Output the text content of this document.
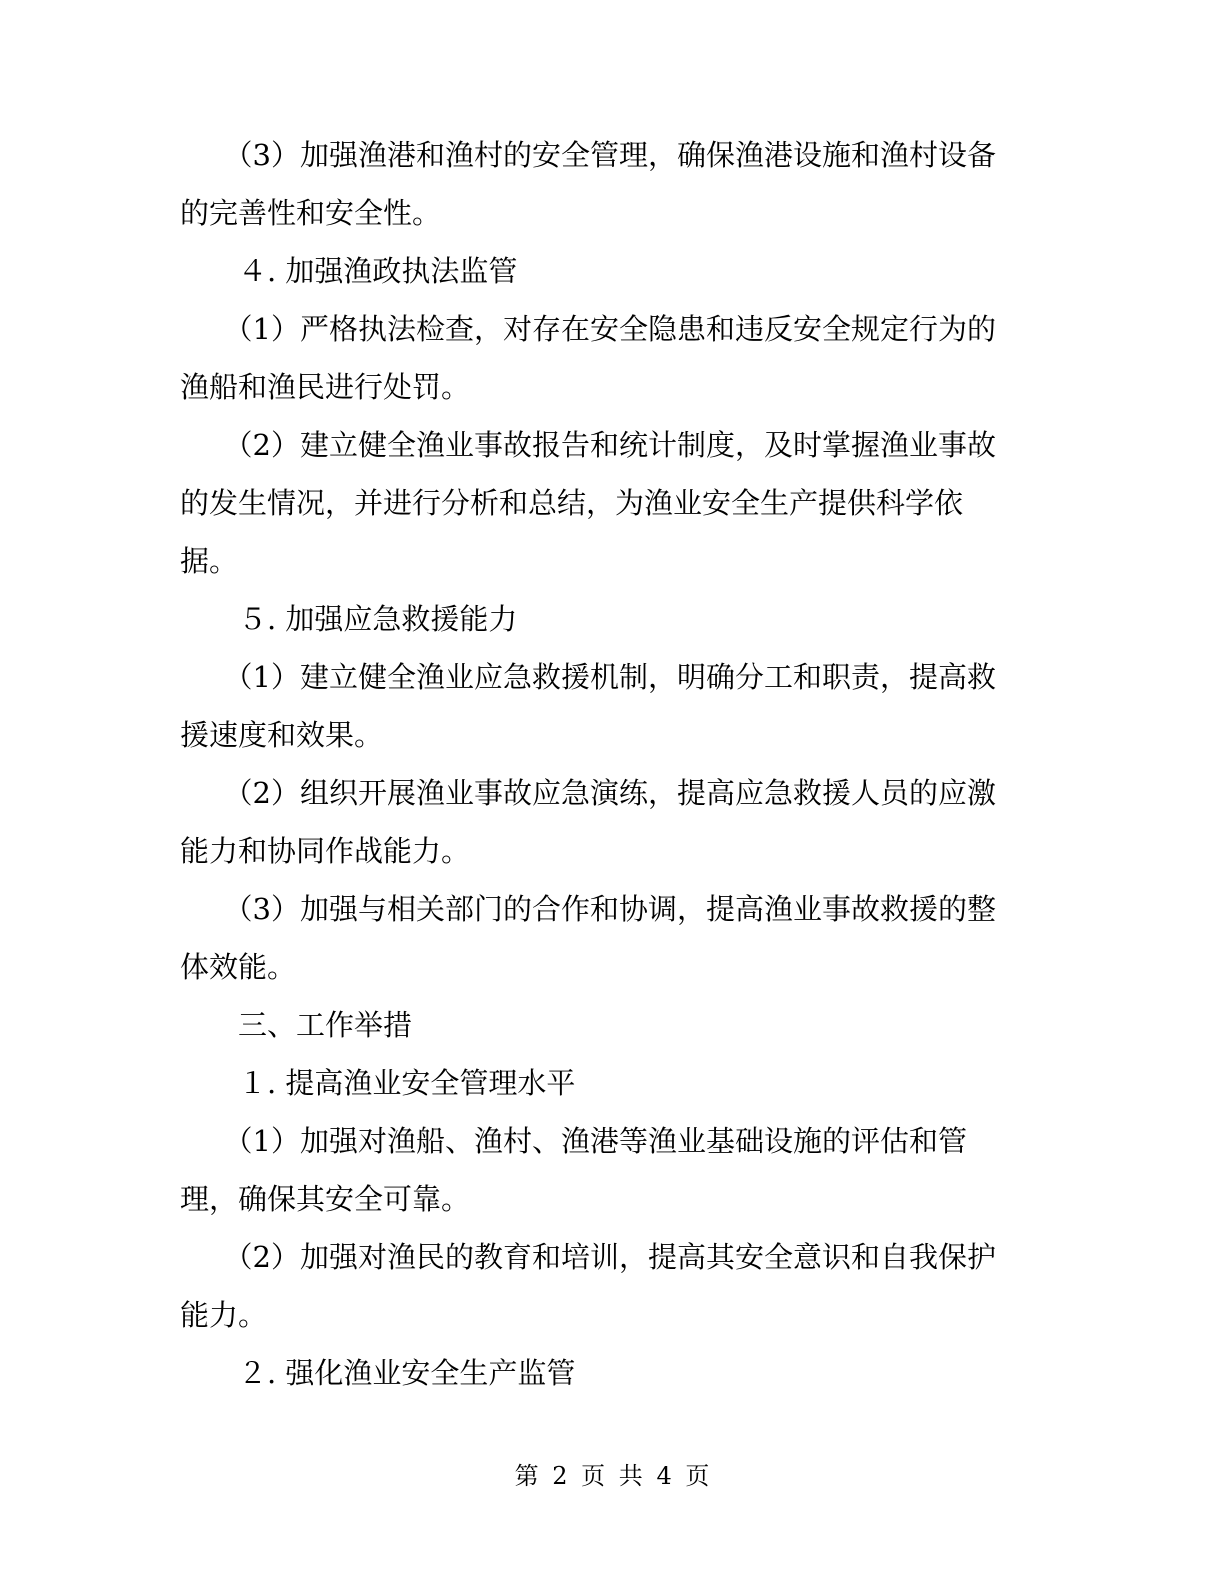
　　（3）加强渔港和渔村的安全管理，确保渔港设施和渔村设备
的完善性和安全性。

　　４. 加强渔政执法监管

　　（1）严格执法检查，对存在安全隐患和违反安全规定行为的
渔船和渔民进行处罚。

　　（2）建立健全渔业事故报告和统计制度，及时掌握渔业事故
的发生情况，并进行分析和总结，为渔业安全生产提供科学依
据。

　　５. 加强应急救援能力

　　（1）建立健全渔业应急救援机制，明确分工和职责，提高救
援速度和效果。

　　（2）组织开展渔业事故应急演练，提高应急救援人员的应激
能力和协同作战能力。

　　（3）加强与相关部门的合作和协调，提高渔业事故救援的整
体效能。

　　三、工作举措

　　１. 提高渔业安全管理水平

　　（1）加强对渔船、渔村、渔港等渔业基础设施的评估和管
理，确保其安全可靠。

　　（2）加强对渔民的教育和培训，提高其安全意识和自我保护
能力。

　　２. 强化渔业安全生产监管

第 2 页 共 4 页
